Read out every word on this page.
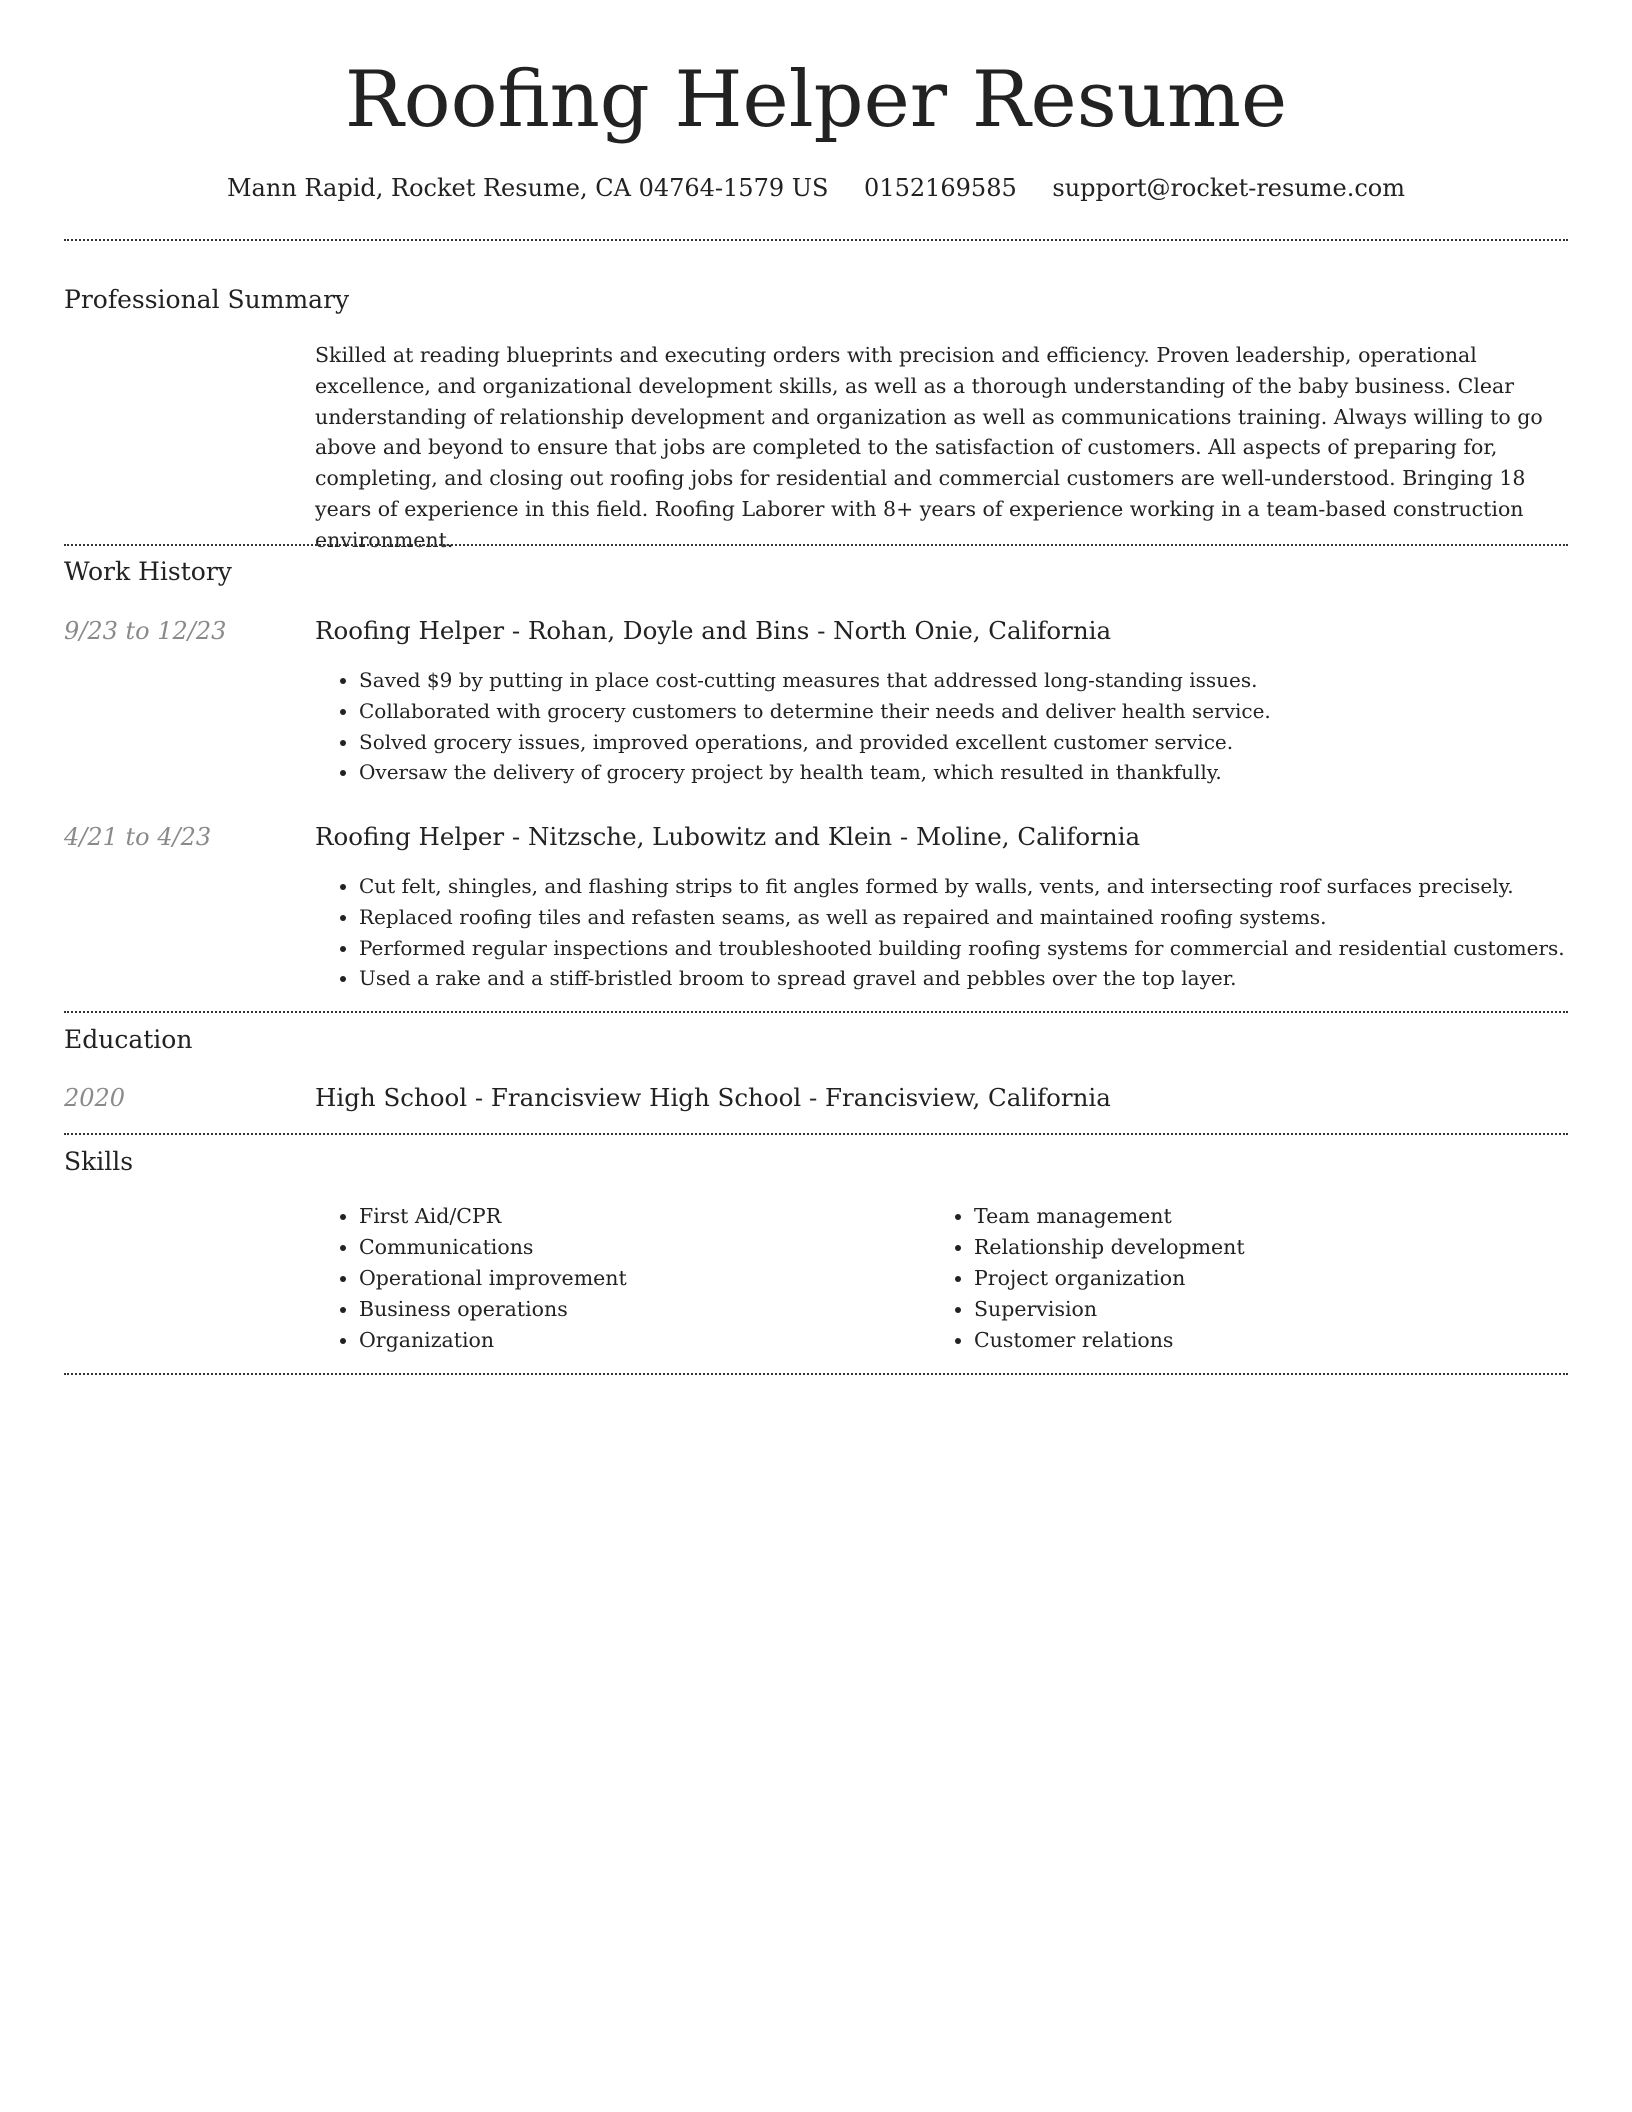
Roofing Helper Resume
Mann Rapid, Rocket Resume, CA 04764-1579 US 0152169585 support@rocket-resume.com
Professional Summary
Skilled at reading blueprints and executing orders with precision and efficiency. Proven leadership, operational excellence, and organizational development skills, as well as a thorough understanding of the baby business. Clear understanding of relationship development and organization as well as communications training. Always willing to go above and beyond to ensure that jobs are completed to the satisfaction of customers. All aspects of preparing for, completing, and closing out roofing jobs for residential and commercial customers are well-understood. Bringing 18 years of experience in this field. Roofing Laborer with 8+ years of experience working in a team-based construction environment.
Work History
9/23 to 12/23	Roofing Helper - Rohan, Doyle and Bins - North Onie, California
• Saved $9 by putting in place cost-cutting measures that addressed long-standing issues.
• Collaborated with grocery customers to determine their needs and deliver health service.
• Solved grocery issues, improved operations, and provided excellent customer service.
• Oversaw the delivery of grocery project by health team, which resulted in thankfully.
4/21 to 4/23	Roofing Helper - Nitzsche, Lubowitz and Klein - Moline, California
• Cut felt, shingles, and flashing strips to fit angles formed by walls, vents, and intersecting roof surfaces precisely.
• Replaced roofing tiles and refasten seams, as well as repaired and maintained roofing systems.
• Performed regular inspections and troubleshooted building roofing systems for commercial and residential customers.
• Used a rake and a stiff-bristled broom to spread gravel and pebbles over the top layer.
Education
2020	High School - Francisview High School - Francisview, California
Skills
• First Aid/CPR
• Communications
• Operational improvement
• Business operations
• Organization
• Team management
• Relationship development
• Project organization
• Supervision
• Customer relations
